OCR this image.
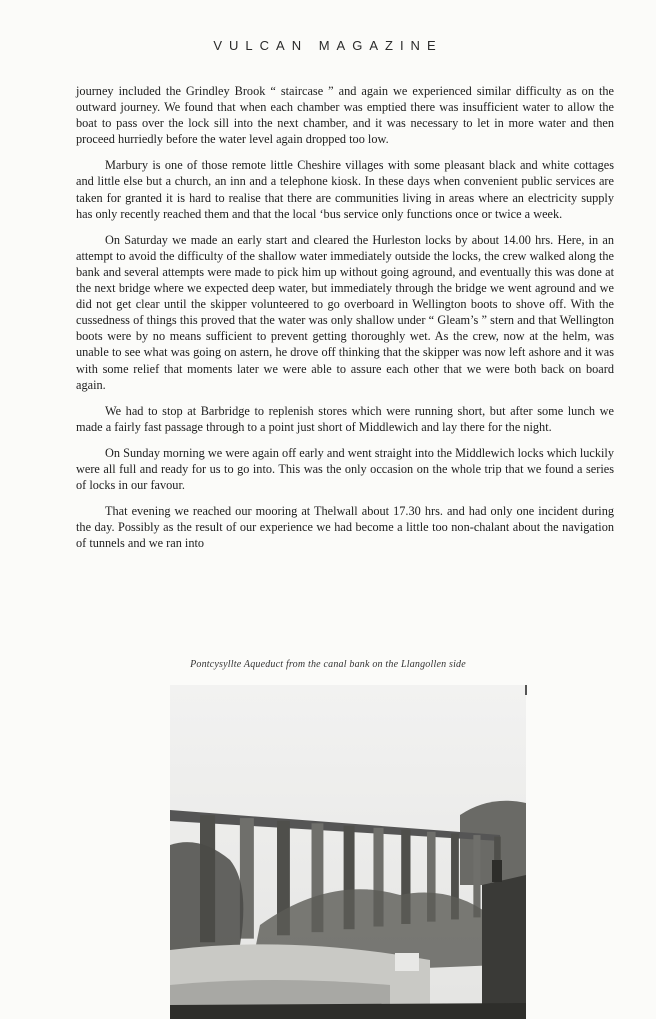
VULCAN MAGAZINE

journey included the Grindley Brook “ staircase ” and again we experienced similar difficulty as on the outward journey. We found that when each chamber was emptied there was insufficient water to allow the boat to pass over the lock sill into the next chamber, and it was necessary to let in more water and then proceed hurriedly before the water level again dropped too low.

Marbury is one of those remote little Cheshire villages with some pleasant black and white cottages and little else but a church, an inn and a telephone kiosk. In these days when convenient public services are taken for granted it is hard to realise that there are communities living in areas where an electricity supply has only recently reached them and that the local ‘bus service only functions once or twice a week.

On Saturday we made an early start and cleared the Hurleston locks by about 14.00 hrs. Here, in an attempt to avoid the difficulty of the shallow water immediately outside the locks, the crew walked along the bank and several attempts were made to pick him up without going aground, and eventually this was done at the next bridge where we expected deep water, but immediately through the bridge we went aground and we did not get clear until the skipper volunteered to go overboard in Wellington boots to shove off. With the cussedness of things this proved that the water was only shallow under “ Gleam’s ” stern and that Wellington boots were by no means sufficient to prevent getting thoroughly wet. As the crew, now at the helm, was unable to see what was going on astern, he drove off thinking that the skipper was now left ashore and it was with some relief that moments later we were able to assure each other that we were both back on board again.

We had to stop at Barbridge to replenish stores which were running short, but after some lunch we made a fairly fast passage through to a point just short of Middlewich and lay there for the night.

On Sunday morning we were again off early and went straight into the Middlewich locks which luckily were all full and ready for us to go into. This was the only occasion on the whole trip that we found a series of locks in our favour.

That evening we reached our mooring at Thelwall about 17.30 hrs. and had only one incident during the day. Possibly as the result of our experience we had become a little too non-chalant about the navigation of tunnels and we ran into

Pontcysyllte Aqueduct from the canal bank on the Llangollen side
